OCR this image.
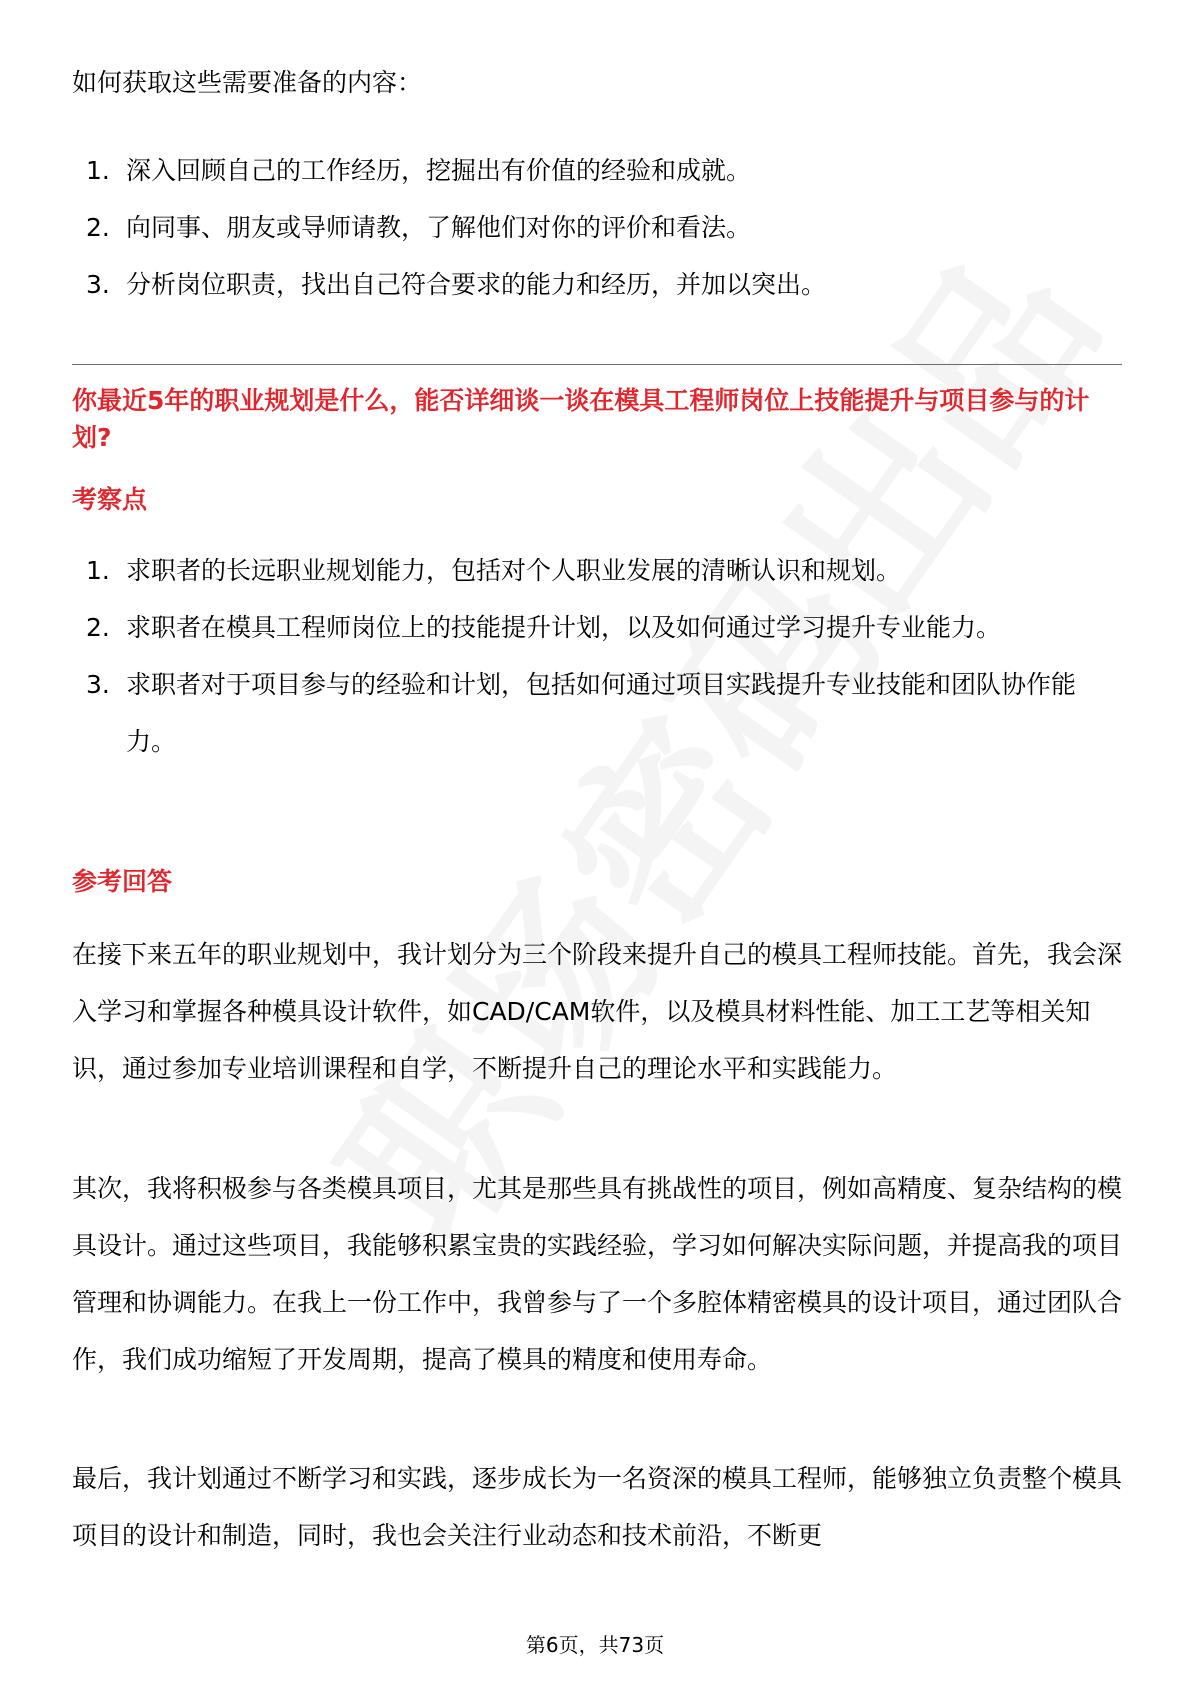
如何获取这些需要准备的内容：

1. 深入回顾自己的工作经历，挖掘出有价值的经验和成就。
2. 向同事、朋友或导师请教，了解他们对你的评价和看法。
3. 分析岗位职责，找出自己符合要求的能力和经历，并加以突出。
你最近5年的职业规划是什么，能否详细谈一谈在模具工程师岗位上技能提升与项目参与的计划?
考察点
1. 求职者的长远职业规划能力，包括对个人职业发展的清晰认识和规划。
2. 求职者在模具工程师岗位上的技能提升计划，以及如何通过学习提升专业能力。
3. 求职者对于项目参与的经验和计划，包括如何通过项目实践提升专业技能和团队协作能力。
参考回答

在接下来五年的职业规划中，我计划分为三个阶段来提升自己的模具工程师技能。首先，我会深入学习和掌握各种模具设计软件，如CAD/CAM软件，以及模具材料性能、加工工艺等相关知识，通过参加专业培训课程和自学，不断提升自己的理论水平和实践能力。

其次，我将积极参与各类模具项目，尤其是那些具有挑战性的项目，例如高精度、复杂结构的模具设计。通过这些项目，我能够积累宝贵的实践经验，学习如何解决实际问题，并提高我的项目管理和协调能力。在我上一份工作中，我曾参与了一个多腔体精密模具的设计项目，通过团队合作，我们成功缩短了开发周期，提高了模具的精度和使用寿命。

最后，我计划通过不断学习和实践，逐步成长为一名资深的模具工程师，能够独立负责整个模具项目的设计和制造，同时，我也会关注行业动态和技术前沿，不断更

第6页，共73页
